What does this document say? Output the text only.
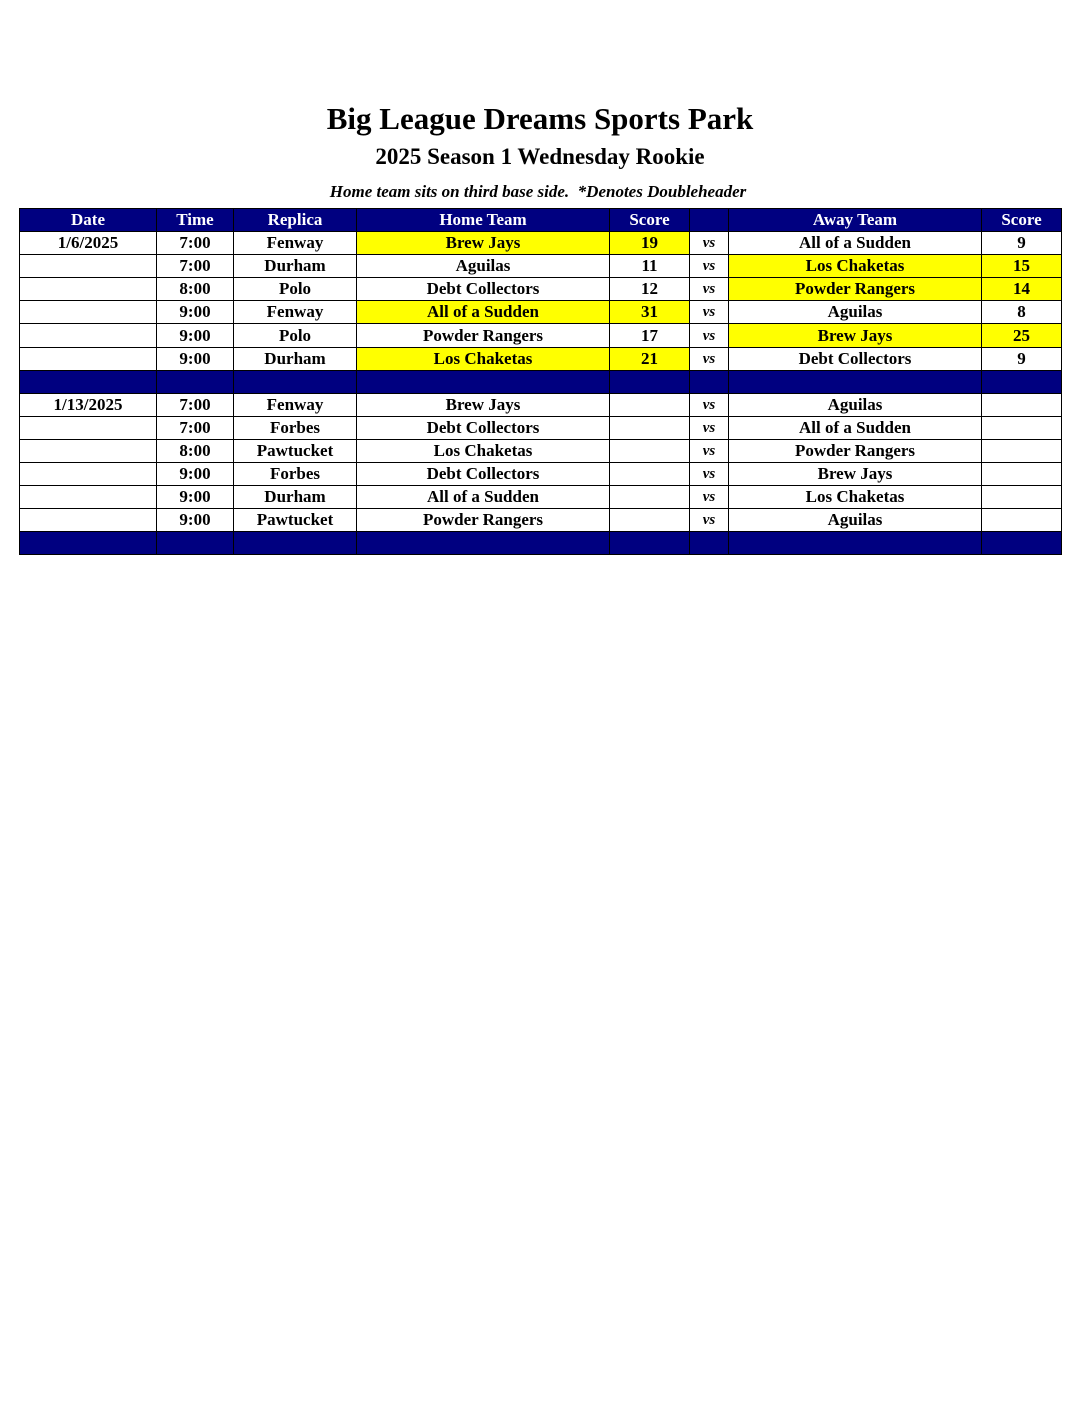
Big League Dreams Sports Park
2025 Season 1 Wednesday Rookie
Home team sits on third base side.  *Denotes Doubleheader
Date	Time	Replica	Home Team	Score		Away Team	Score
1/6/2025	7:00	Fenway	Brew Jays	19	vs	All of a Sudden	9
	7:00	Durham	Aguilas	11	vs	Los Chaketas	15
	8:00	Polo	Debt Collectors	12	vs	Powder Rangers	14
	9:00	Fenway	All of a Sudden	31	vs	Aguilas	8
	9:00	Polo	Powder Rangers	17	vs	Brew Jays	25
	9:00	Durham	Los Chaketas	21	vs	Debt Collectors	9

1/13/2025	7:00	Fenway	Brew Jays		vs	Aguilas	
	7:00	Forbes	Debt Collectors		vs	All of a Sudden	
	8:00	Pawtucket	Los Chaketas		vs	Powder Rangers	
	9:00	Forbes	Debt Collectors		vs	Brew Jays	
	9:00	Durham	All of a Sudden		vs	Los Chaketas	
	9:00	Pawtucket	Powder Rangers		vs	Aguilas	
